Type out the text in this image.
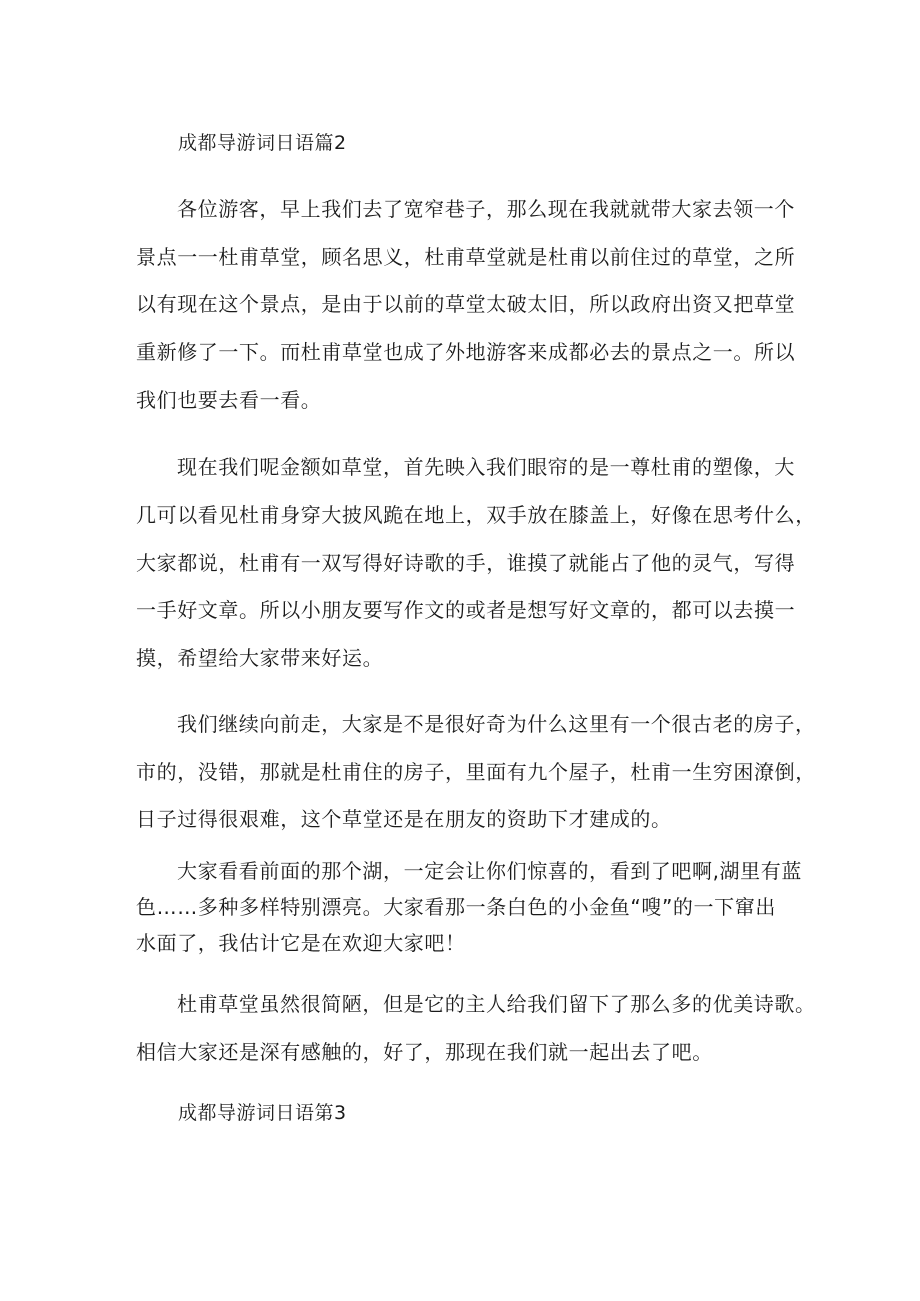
成都导游词日语篇2
各位游客，早上我们去了宽窄巷子，那么现在我就就带大家去领一个
景点一一杜甫草堂，顾名思义，杜甫草堂就是杜甫以前住过的草堂，之所
以有现在这个景点，是由于以前的草堂太破太旧，所以政府出资又把草堂
重新修了一下。而杜甫草堂也成了外地游客来成都必去的景点之一。所以
我们也要去看一看。
现在我们呢金额如草堂，首先映入我们眼帘的是一尊杜甫的塑像，大
几可以看见杜甫身穿大披风跪在地上，双手放在膝盖上，好像在思考什么，
大家都说，杜甫有一双写得好诗歌的手，谁摸了就能占了他的灵气，写得
一手好文章。所以小朋友要写作文的或者是想写好文章的，都可以去摸一
摸，希望给大家带来好运。
我们继续向前走，大家是不是很好奇为什么这里有一个很古老的房子，
市的，没错，那就是杜甫住的房子，里面有九个屋子，杜甫一生穷困潦倒，
日子过得很艰难，这个草堂还是在朋友的资助下才建成的。
大家看看前面的那个湖，一定会让你们惊喜的，看到了吧啊,湖里有蓝
色……多种多样特别漂亮。大家看那一条白色的小金鱼“嗖”的一下窜出
水面了，我估计它是在欢迎大家吧！
杜甫草堂虽然很简陋，但是它的主人给我们留下了那么多的优美诗歌。
相信大家还是深有感触的，好了，那现在我们就一起出去了吧。
成都导游词日语第3
